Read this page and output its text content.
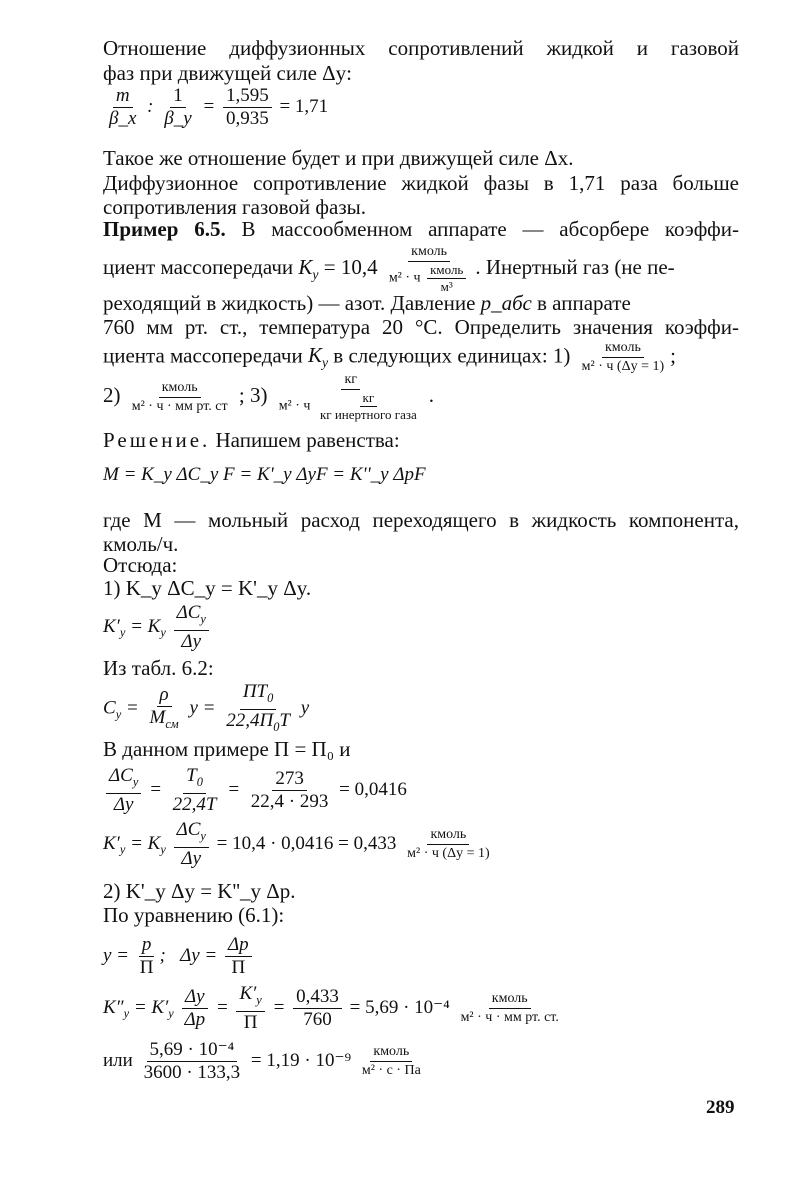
Отношение диффузионных сопротивлений жидкой и газовой
фаз при движущей силе Δy:
$\frac{m}{\beta\_x}$ : $\frac{1}{\beta\_y} = \frac{1,595}{0,935} = 1,71$
Такое же отношение будет и при движущей силе Δx.
Диффузионное сопротивление жидкой фазы в 1,71 раза больше
сопротивления газовой фазы.
Пример 6.5. В массообменном аппарате — абсорбере коэффи-
циент массопередачи $K_y = 10,4$
кмоль
м² · ч
кмоль
м³
. Инертный газ (не пе-
реходящий в жидкость) — азот. Давление p_абс в аппарате
760 мм рт. ст., температура 20 °C. Определить значения коэффи-
циента массопередачи $K_y$ в следующих единицах: 1) кмоль
м² · ч (Δy = 1) ;
2)	кмоль
м² · ч · мм рт. ст ; 3)
кг
м² · ч
кг
кг инертного газа
.
Решение. Напишем равенства:
M = K_y ΔC_y F = K'_y ΔyF = K''_y ΔpF
где M — мольный расход переходящего в жидкость компонента,
кмоль/ч.
Отсюда:
1) K_y ΔC_y = K'_y Δy.
$K'_y = K_y$
$\Delta C_y$
Δy
Из табл. 6.2:
$C_y$ =
ρ
$M_{см}$
y =
$ПT_0$
$22,4П_0T$
y
В данном примере П = П₀ и
$\Delta C_y$
Δy
= $\frac{T_0}{22,4T} = \frac{273}{22,4 \cdot 293} = 0,0416$
$K'_y = K_y$
$\Delta C_y$
Δy
= 10,4 · 0,0416 = 0,433 кмоль
м² · ч (Δy = 1)
2) K'_y Δy = K''_y Δp.
По уравнению (6.1):
y =
p
П
;   Δy =
Δp
П
$K''_y = K'_y \frac{\Delta y}{\Delta p}$ =
$K'_y$
П
= $\frac{0,433}{760} = 5,69 \cdot 10^{-4}$	кмоль
м² · ч · мм рт. ст.
или $\frac{\text{5,69 · 10⁻⁴}}{3600 \cdot 133,3} = 1,19 \cdot 10^{-9}$ кмоль
м² · с · Па
289
